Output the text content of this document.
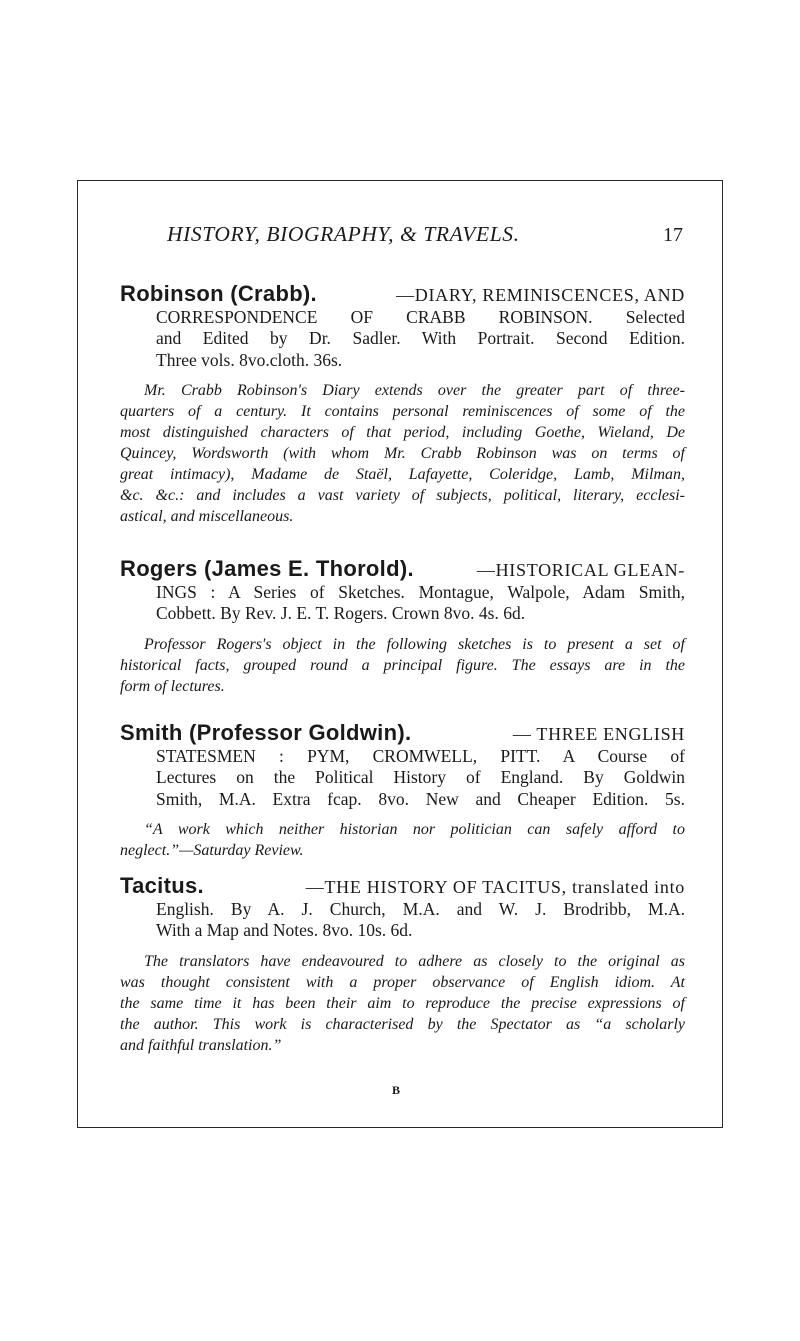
HISTORY, BIOGRAPHY, & TRAVELS.	17
Robinson (Crabb).	—DIARY, REMINISCENCES, AND

CORRESPONDENCE OF CRABB ROBINSON. Selected

and Edited by Dr. Sadler. With Portrait. Second Edition.

Three vols. 8vo.cloth. 36s.

Mr. Crabb Robinson's Diary extends over the greater part of three-
quarters of a century. It contains personal reminiscences of some of the
most distinguished characters of that period, including Goethe, Wieland, De
Quincey, Wordsworth (with whom Mr. Crabb Robinson was on terms of
great intimacy), Madame de Staël, Lafayette, Coleridge, Lamb, Milman,
&c. &c.: and includes a vast variety of subjects, political, literary, ecclesi-
astical, and miscellaneous.
Rogers (James E. Thorold).	—HISTORICAL GLEAN-

INGS : A Series of Sketches. Montague, Walpole, Adam Smith,

Cobbett. By Rev. J. E. T. Rogers. Crown 8vo. 4s. 6d.

Professor Rogers's object in the following sketches is to present a set of
historical facts, grouped round a principal figure. The essays are in the
form of lectures.
Smith (Professor Goldwin).	— THREE ENGLISH

STATESMEN : PYM, CROMWELL, PITT. A Course of

Lectures on the Political History of England. By Goldwin

Smith, M.A. Extra fcap. 8vo. New and Cheaper Edition. 5s.

“A work which neither historian nor politician can safely afford to
neglect.”—Saturday Review.
Tacitus.	—THE HISTORY OF TACITUS, translated into

English. By A. J. Church, M.A. and W. J. Brodribb, M.A.

With a Map and Notes. 8vo. 10s. 6d.

The translators have endeavoured to adhere as closely to the original as
was thought consistent with a proper observance of English idiom. At
the same time it has been their aim to reproduce the precise expressions of
the author. This work is characterised by the Spectator as “a scholarly
and faithful translation.”
B
